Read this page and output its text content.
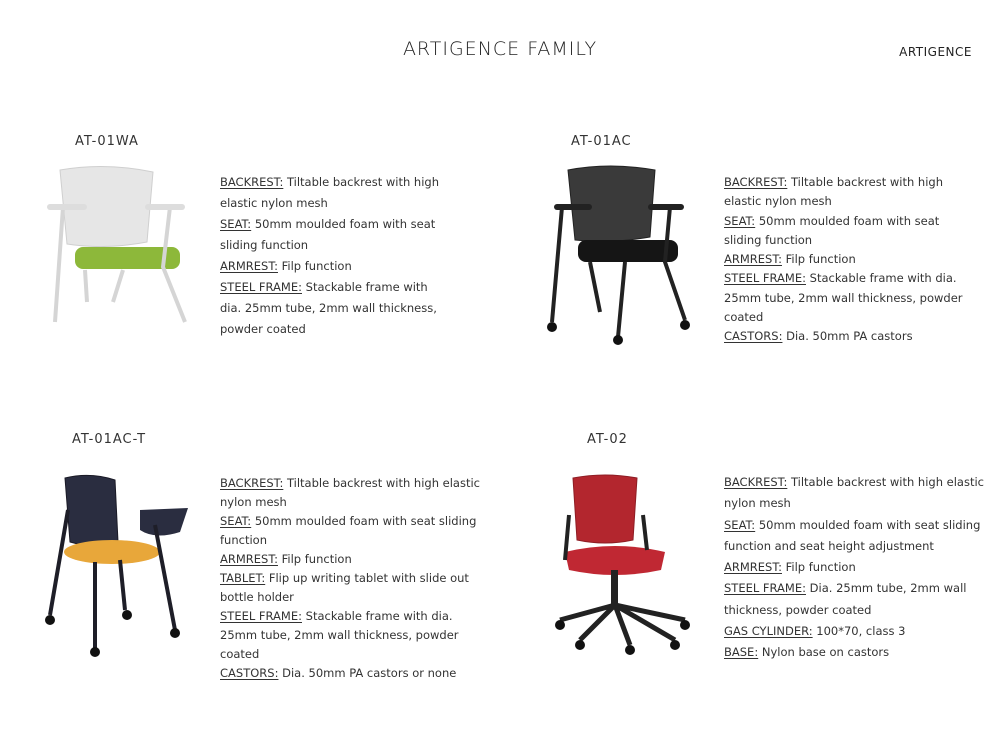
ARTIGENCE FAMILY	ARTIGENCE
AT-01WA
BACKREST: Tiltable backrest with high elastic nylon mesh
SEAT: 50mm moulded foam with seat sliding function
ARMREST: Filp function
STEEL FRAME: Stackable frame with dia. 25mm tube, 2mm wall thickness, powder coated
AT-01AC
BACKREST: Tiltable backrest with high elastic nylon mesh
SEAT: 50mm moulded foam with seat sliding function
ARMREST: Filp function
STEEL FRAME: Stackable frame with dia. 25mm tube, 2mm wall thickness, powder coated
CASTORS: Dia. 50mm PA castors
AT-01AC-T
BACKREST: Tiltable backrest with high elastic nylon mesh
SEAT: 50mm moulded foam with seat sliding function
ARMREST: Filp function
TABLET: Flip up writing tablet with slide out bottle holder
STEEL FRAME: Stackable frame with dia. 25mm tube, 2mm wall thickness, powder coated
CASTORS: Dia. 50mm PA castors or none
AT-02
BACKREST: Tiltable backrest with high elastic nylon mesh
SEAT: 50mm moulded foam with seat sliding function and seat height adjustment
ARMREST: Filp function
STEEL FRAME: Dia. 25mm tube, 2mm wall thickness, powder coated
GAS CYLINDER: 100*70, class 3
BASE: Nylon base on castors
